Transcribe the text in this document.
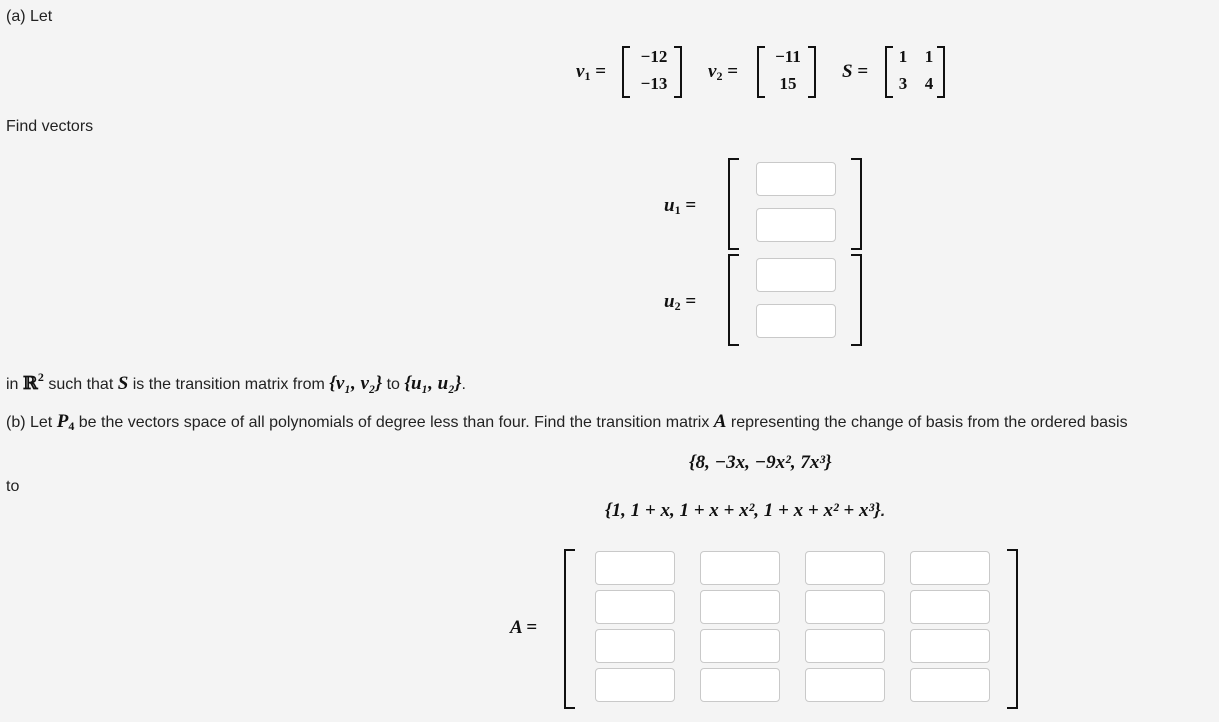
(a) Let
$v_1$ =
−12
−13
$v_2$ =
−11
15
S =
1	1
3	4
Find vectors
$u_1$ =
$u_2$ =
in ℝ$^2$ such that S is the transition matrix from {v₁, v₂} to {u₁, u₂}.
(b) Let $P_4$ be the vectors space of all polynomials of degree less than four. Find the transition matrix A representing the change of basis from the ordered basis
{8, −3x, −9x², 7x³}
to
{1, 1 + x, 1 + x + x², 1 + x + x² + x³}.
A =
